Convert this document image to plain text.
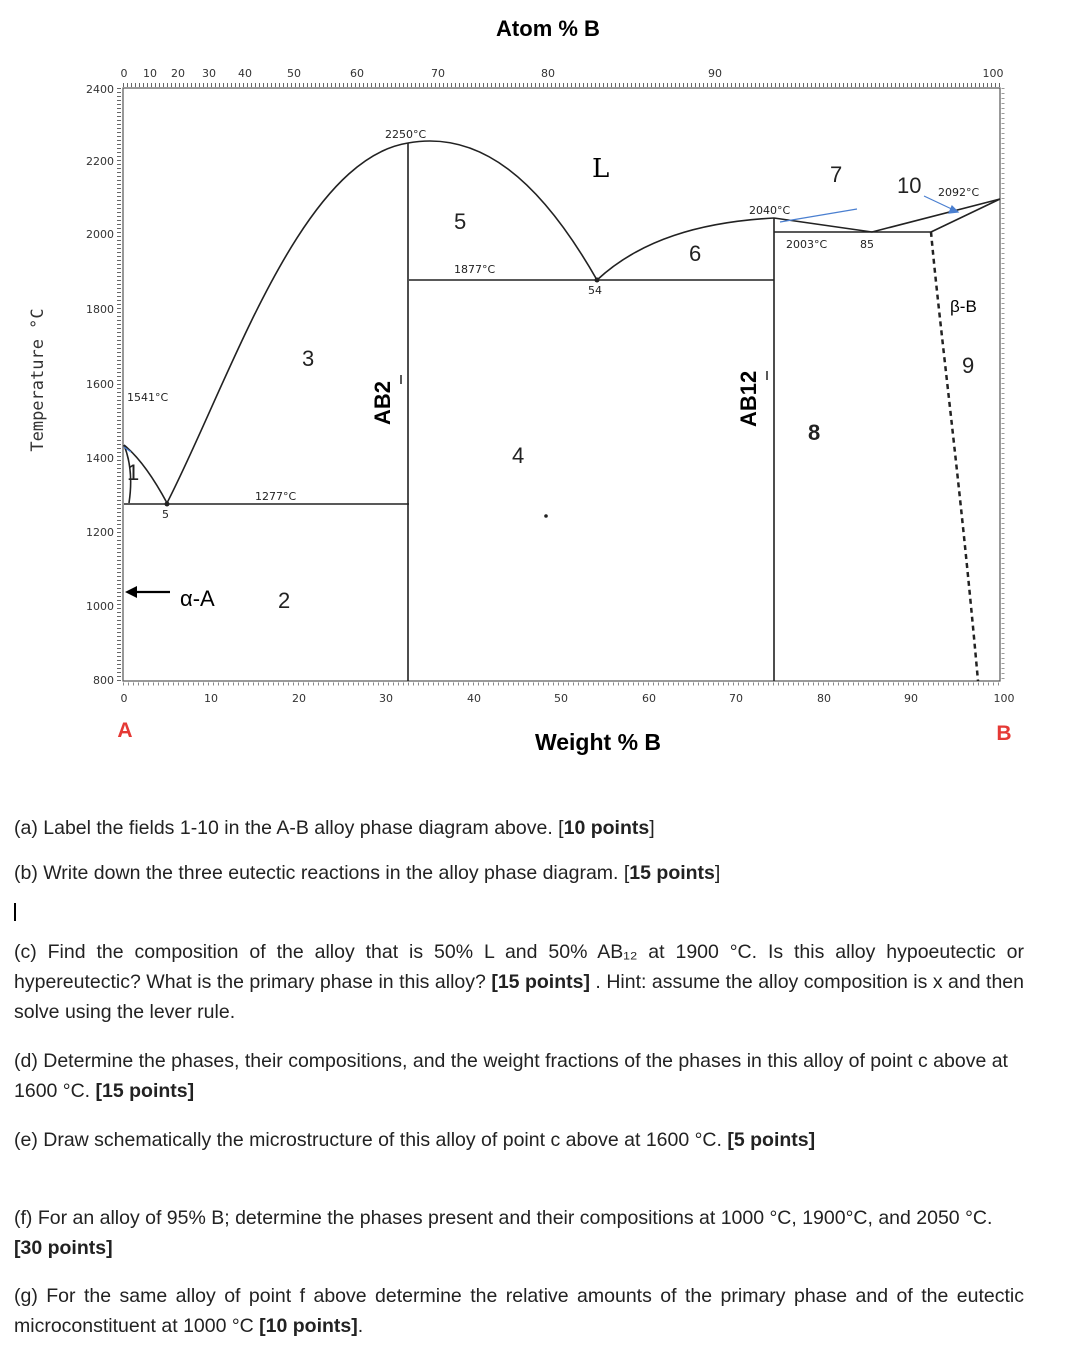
Atom % B
0 10 20 30 40	50	60	70	80	90	100
2400
2200
2000
1800
1600
1400
1200
1000
800
Temperature °C
0	10	20	30	40	50	60	70	80	90	100
A	B
Weight % B
2250°C
1877°C
2040°C
2003°C	85
2092°C
1541°C
1277°C
54
5
L
α-A
β-B
AB2	AB12
1
2
3
4
5
6
7
8
9
10
(a) Label the fields 1-10 in the A-B alloy phase diagram above. [10 points]
(b) Write down the three eutectic reactions in the alloy phase diagram. [15 points]
(c) Find the composition of the alloy that is 50% L and 50% AB₁₂ at 1900 °C. Is this alloy hypoeutectic or hypereutectic? What is the primary phase in this alloy? [15 points] . Hint: assume the alloy composition is x and then solve using the lever rule.
(d) Determine the phases, their compositions, and the weight fractions of the phases in this alloy of point c above at 1600 °C. [15 points]
(e) Draw schematically the microstructure of this alloy of point c above at 1600 °C. [5 points]
(f) For an alloy of 95% B; determine the phases present and their compositions at 1000 °C, 1900°C, and 2050 °C. [30 points]
(g) For the same alloy of point f above determine the relative amounts of the primary phase and of the eutectic microconstituent at 1000 °C [10 points].
